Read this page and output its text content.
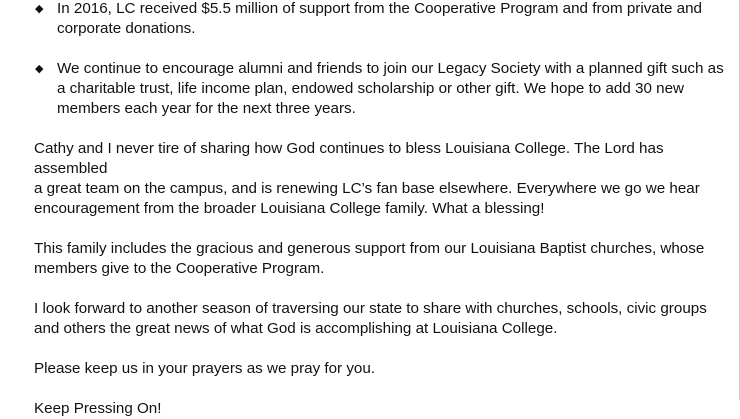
◆ In 2016, LC received $5.5 million of support from the Cooperative Program and from private and
corporate donations.
◆ We continue to encourage alumni and friends to join our Legacy Society with a planned gift such as
a charitable trust, life income plan, endowed scholarship or other gift. We hope to add 30 new
members each year for the next three years.

Cathy and I never tire of sharing how God continues to bless Louisiana College. The Lord has assembled
a great team on the campus, and is renewing LC’s fan base elsewhere. Everywhere we go we hear
encouragement from the broader Louisiana College family. What a blessing!

This family includes the gracious and generous support from our Louisiana Baptist churches, whose
members give to the Cooperative Program.

I look forward to another season of traversing our state to share with churches, schools, civic groups
and others the great news of what God is accomplishing at Louisiana College.

Please keep us in your prayers as we pray for you.

Keep Pressing On!
